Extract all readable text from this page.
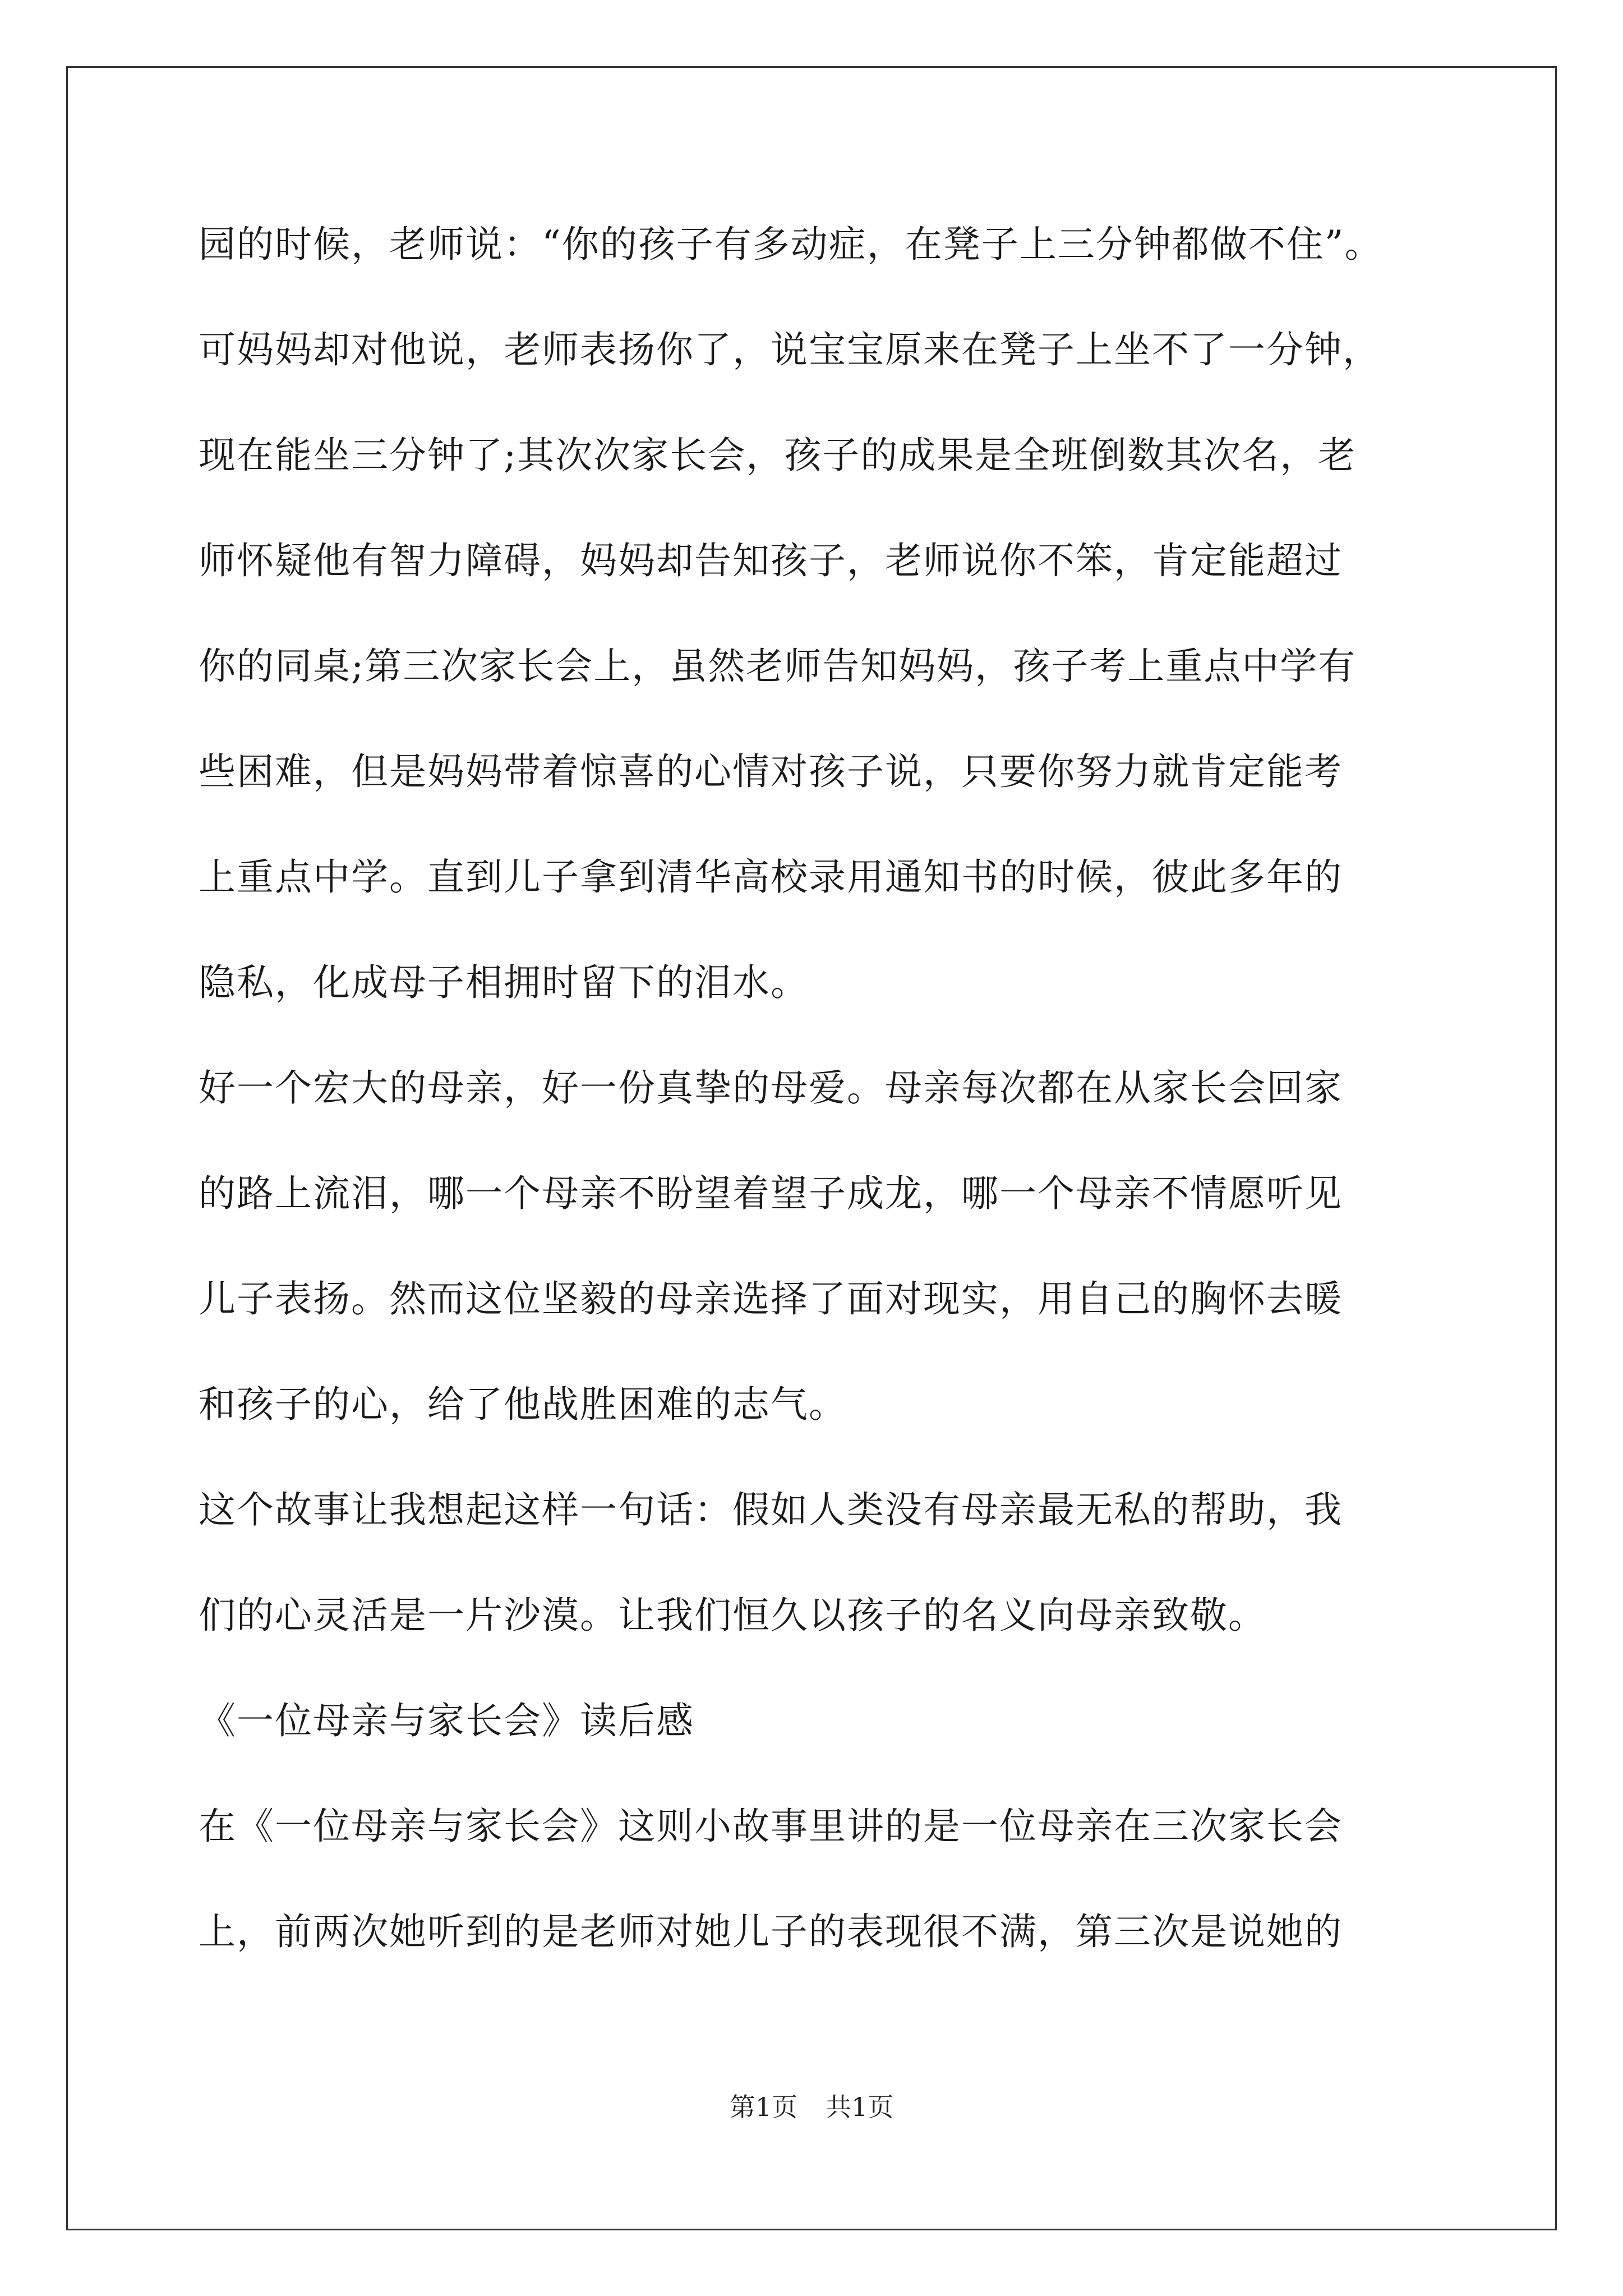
园的时候，老师说：“你的孩子有多动症，在凳子上三分钟都做不住”。
可妈妈却对他说，老师表扬你了，说宝宝原来在凳子上坐不了一分钟，
现在能坐三分钟了;其次次家长会，孩子的成果是全班倒数其次名，老
师怀疑他有智力障碍，妈妈却告知孩子，老师说你不笨，肯定能超过
你的同桌;第三次家长会上，虽然老师告知妈妈，孩子考上重点中学有
些困难，但是妈妈带着惊喜的心情对孩子说，只要你努力就肯定能考
上重点中学。直到儿子拿到清华高校录用通知书的时候，彼此多年的
隐私，化成母子相拥时留下的泪水。
好一个宏大的母亲，好一份真挚的母爱。母亲每次都在从家长会回家
的路上流泪，哪一个母亲不盼望着望子成龙，哪一个母亲不情愿听见
儿子表扬。然而这位坚毅的母亲选择了面对现实，用自己的胸怀去暖
和孩子的心，给了他战胜困难的志气。
这个故事让我想起这样一句话：假如人类没有母亲最无私的帮助，我
们的心灵活是一片沙漠。让我们恒久以孩子的名义向母亲致敬。
《一位母亲与家长会》读后感
在《一位母亲与家长会》这则小故事里讲的是一位母亲在三次家长会
上，前两次她听到的是老师对她儿子的表现很不满，第三次是说她的
第1页 共1页
